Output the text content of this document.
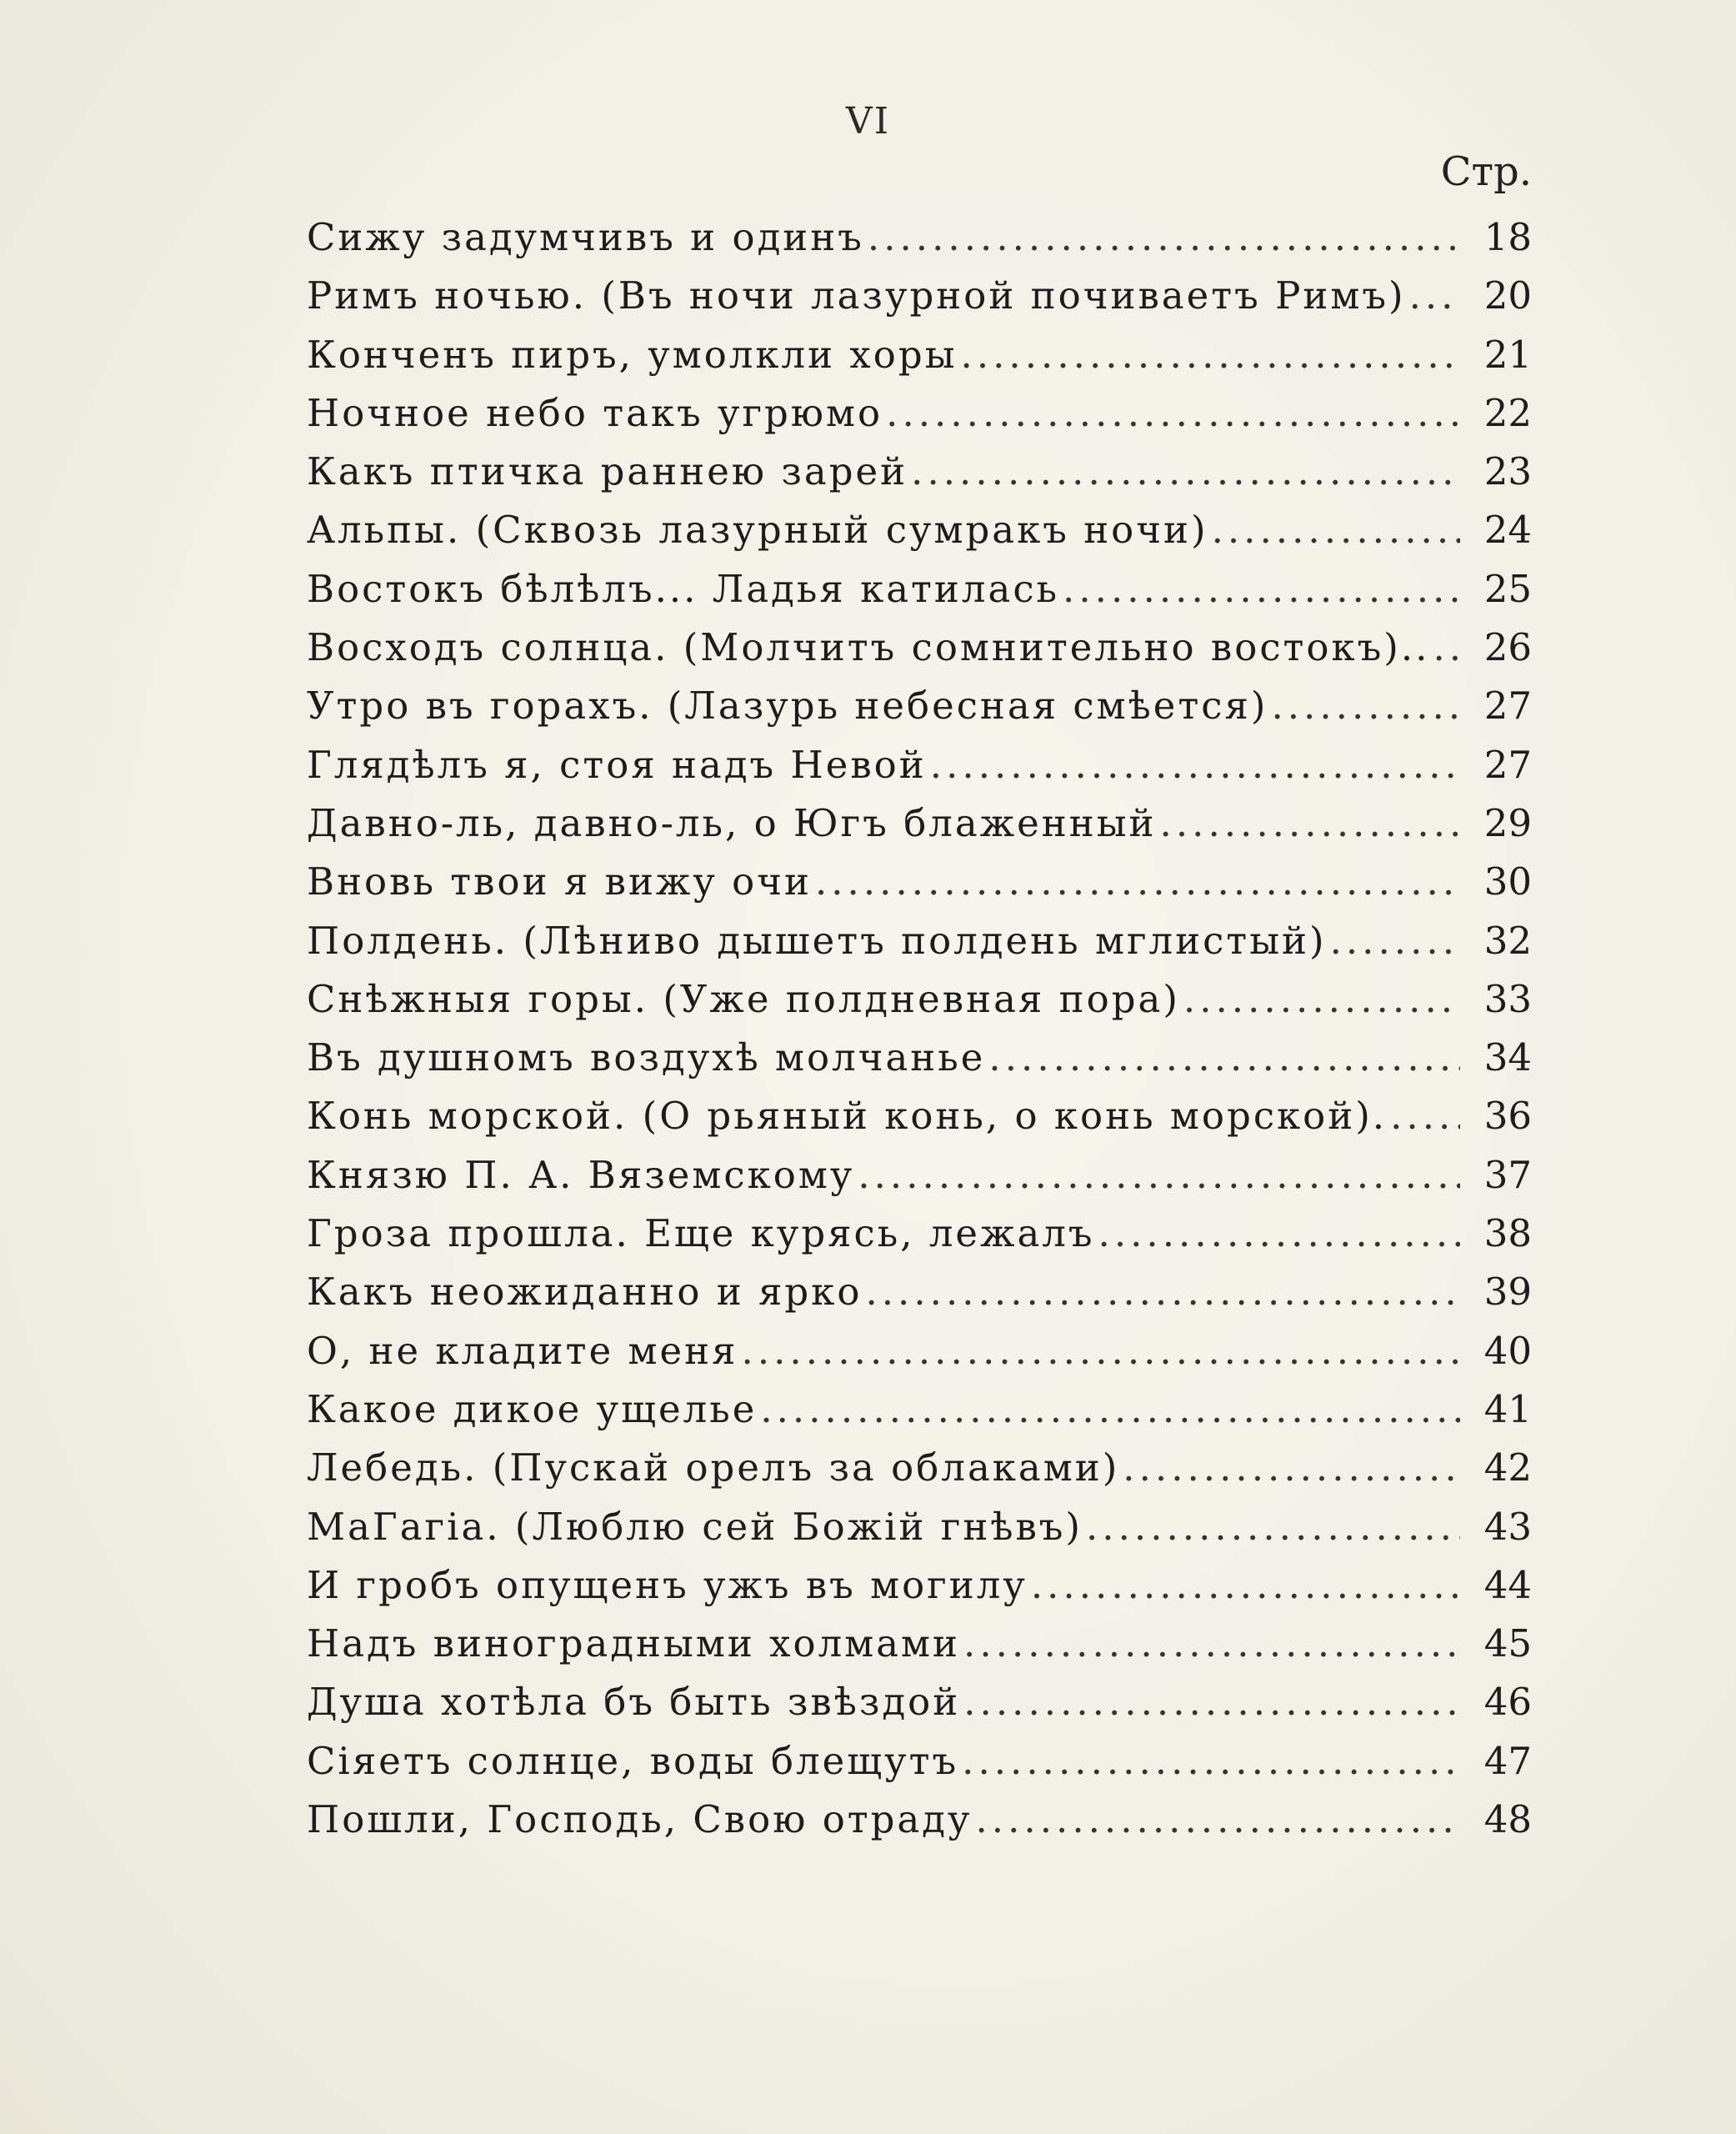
VI
Стр.
Сижу задумчивъ и одинъ .....	18
Римъ ночью. (Въ ночи лазурной почиваетъ Римъ) .....	20
Конченъ пиръ, умолкли хоры .....	21
Ночное небо такъ угрюмо .....	22
Какъ птичка раннею зарей .....	23
Альпы. (Сквозь лазурный сумракъ ночи) .....	24
Востокъ бѣлѣлъ... Ладья катилась .....	25
Восходъ солнца. (Молчитъ сомнительно востокъ).. .....	26
Утро въ горахъ. (Лазурь небесная смѣется) .....	27
Глядѣлъ я, стоя надъ Невой .....	27
Давно-ль, давно-ль, о Югъ блаженный .....	29
Вновь твои я вижу очи .....	30
Полдень. (Лѣниво дышетъ полдень мглистый) .....	32
Снѣжныя горы. (Уже полдневная пора) .....	33
Въ душномъ воздухѣ молчанье .....	34
Конь морской. (О рьяный конь, о конь морской). .....	36
Князю П. А. Вяземскому .....	37
Гроза прошла. Еще курясь, лежалъ .....	38
Какъ неожиданно и ярко .....	39
О, не кладите меня .....	40
Какое дикое ущелье .....	41
Лебедь. (Пускай орелъ за облаками) .....	42
MaГагіа. (Люблю сей Божій гнѣвъ) .....	43
И гробъ опущенъ ужъ въ могилу .....	44
Надъ виноградными холмами .....	45
Душа хотѣла бъ быть звѣздой .....	46
Сіяетъ солнце, воды блещутъ .....	47
Пошли, Господь, Свою отраду .....	48
